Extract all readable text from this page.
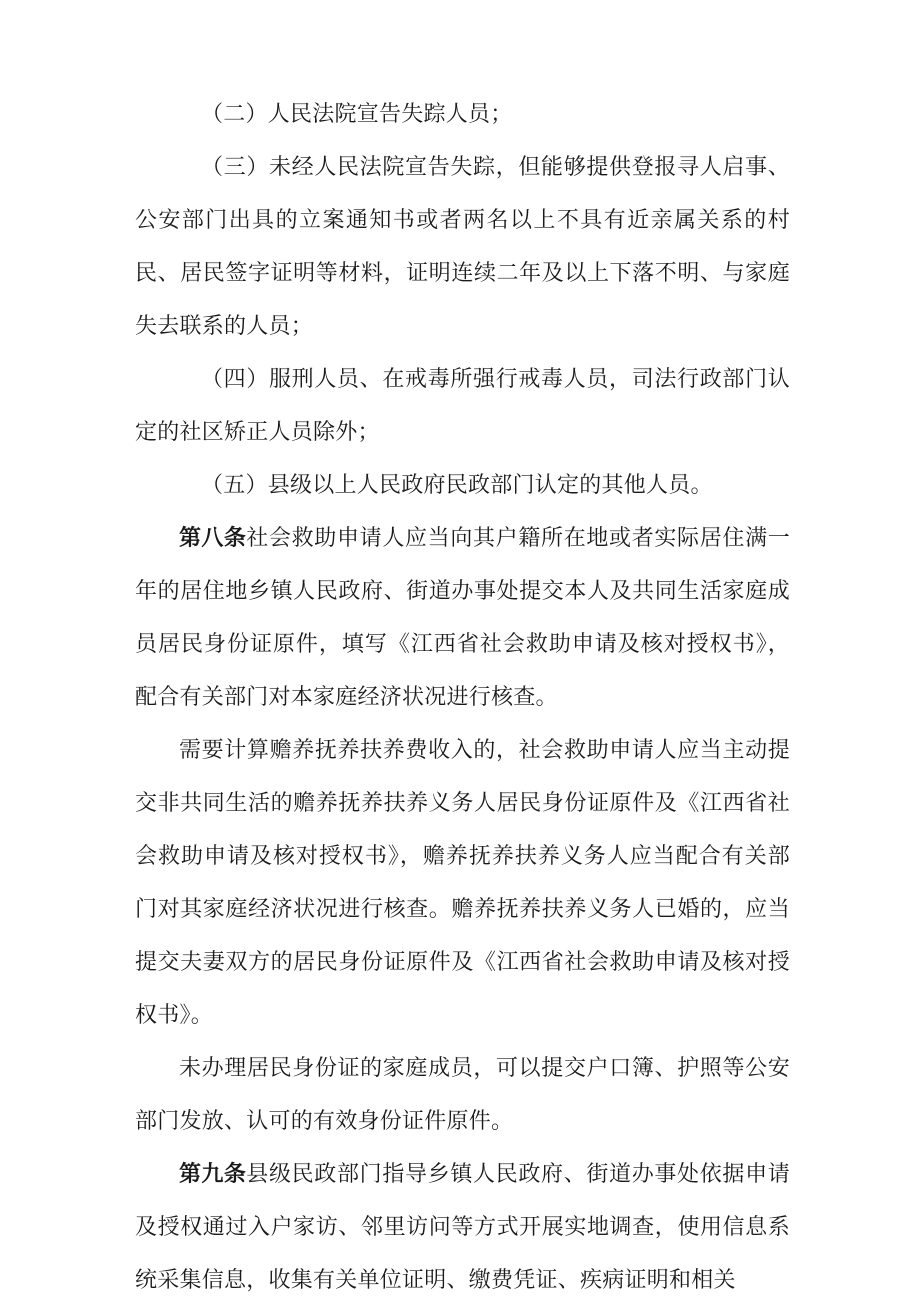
（二）人民法院宣告失踪人员；

（三）未经人民法院宣告失踪，但能够提供登报寻人启事、公安部门出具的立案通知书或者两名以上不具有近亲属关系的村民、居民签字证明等材料，证明连续二年及以上下落不明、与家庭失去联系的人员；

（四）服刑人员、在戒毒所强行戒毒人员，司法行政部门认定的社区矫正人员除外；

（五）县级以上人民政府民政部门认定的其他人员。

第八条社会救助申请人应当向其户籍所在地或者实际居住满一年的居住地乡镇人民政府、街道办事处提交本人及共同生活家庭成员居民身份证原件，填写《江西省社会救助申请及核对授权书》，配合有关部门对本家庭经济状况进行核查。

需要计算赡养抚养扶养费收入的，社会救助申请人应当主动提交非共同生活的赡养抚养扶养义务人居民身份证原件及《江西省社会救助申请及核对授权书》，赡养抚养扶养义务人应当配合有关部门对其家庭经济状况进行核查。赡养抚养扶养义务人已婚的，应当提交夫妻双方的居民身份证原件及《江西省社会救助申请及核对授权书》。

未办理居民身份证的家庭成员，可以提交户口簿、护照等公安部门发放、认可的有效身份证件原件。

第九条县级民政部门指导乡镇人民政府、街道办事处依据申请及授权通过入户家访、邻里访问等方式开展实地调查，使用信息系统采集信息，收集有关单位证明、缴费凭证、疾病证明和相关
